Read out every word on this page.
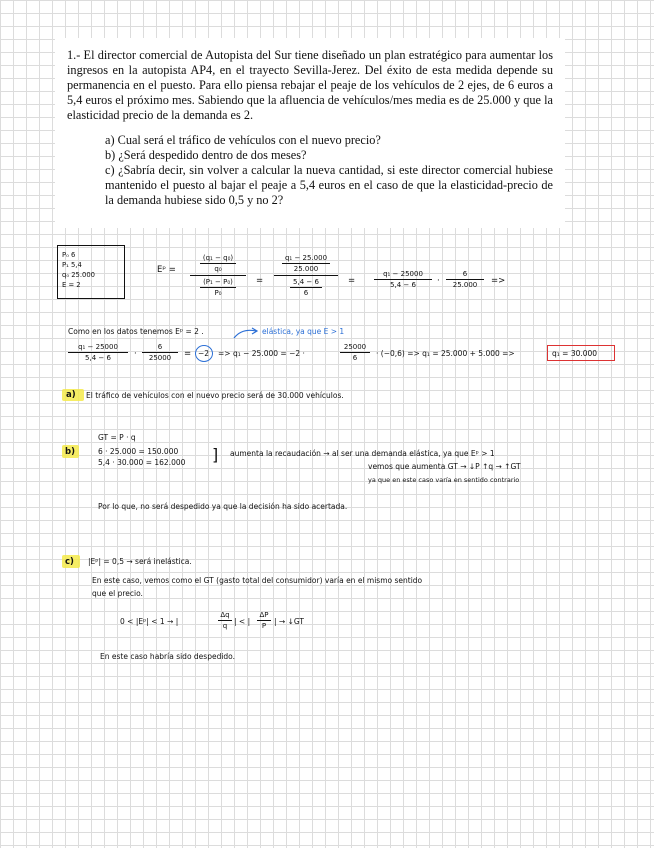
1.- El director comercial de Autopista del Sur tiene diseñado un plan estratégico para aumentar los ingresos en la autopista AP4, en el trayecto Sevilla-Jerez. Del éxito de esta medida depende su permanencia en el puesto. Para ello piensa rebajar el peaje de los vehículos de 2 ejes, de 6 euros a 5,4 euros el próximo mes. Sabiendo que la afluencia de vehículos/mes media es de 25.000 y que la elasticidad precio de la demanda es 2.

a) Cual será el tráfico de vehículos con el nuevo precio?
b) ¿Será despedido dentro de dos meses?
c) ¿Sabría decir, sin volver a calcular la nueva cantidad, si este director comercial hubiese mantenido el puesto al bajar el peaje a 5,4 euros en el caso de que la elasticidad-precio de la demanda hubiese sido 0,5 y no 2?
P₀ 6
P₁ 5,4
q₀ 25.000
E = 2
Eᵖ = $\frac{\frac{\text{(q₁ − q₀)}}{\text{q₀}}}{\frac{\text{(P₁ − P₀)}}{\text{P₀}}} = \frac{\frac{\text{q₁ − 25.000}}{25.000}}{\frac{5,4 - 6}{6}}$ =	$\frac{\text{q₁ − 25000}}{5,4 - 6} \cdot \frac{6}{25.000}$ =>
Como en los datos tenemos Eᵖ = 2 .	elástica, ya que E > 1
$\frac{\text{q₁ − 25000}}{5,4 - 6} \cdot \frac{6}{25000} = -2 => q_1 - 25.000 = -2$ ·	$\frac{25000}{6} \cdot (-0,6) => q_1 = 25.000 + 5.000$ =>	q₁ = 30.000
a) El tráfico de vehículos con el nuevo precio será de 30.000 vehículos.
GT = P · q
b)	6 · 25.000 = 150.000
5,4 · 30.000 = 162.000 ] aumenta la recaudación → al ser una demanda elástica, ya que Eᵖ > 1
vemos que aumenta GT → ↓P ↑q → ↑GT
ya que en este caso varía en sentido contrario
Por lo que, no será despedido ya que la decisión ha sido acertada.
c) |Eᵖ| = 0,5 → será inelástica.
En este caso, vemos como el GT (gasto total del consumidor) varía en el mismo sentido
que el precio.
0 < |Eᵖ| < 1 → |	$\frac{\Delta q}{q}$ | < | $\frac{\Delta P}{P}$ | → ↓GT
En este caso habría sido despedido.
